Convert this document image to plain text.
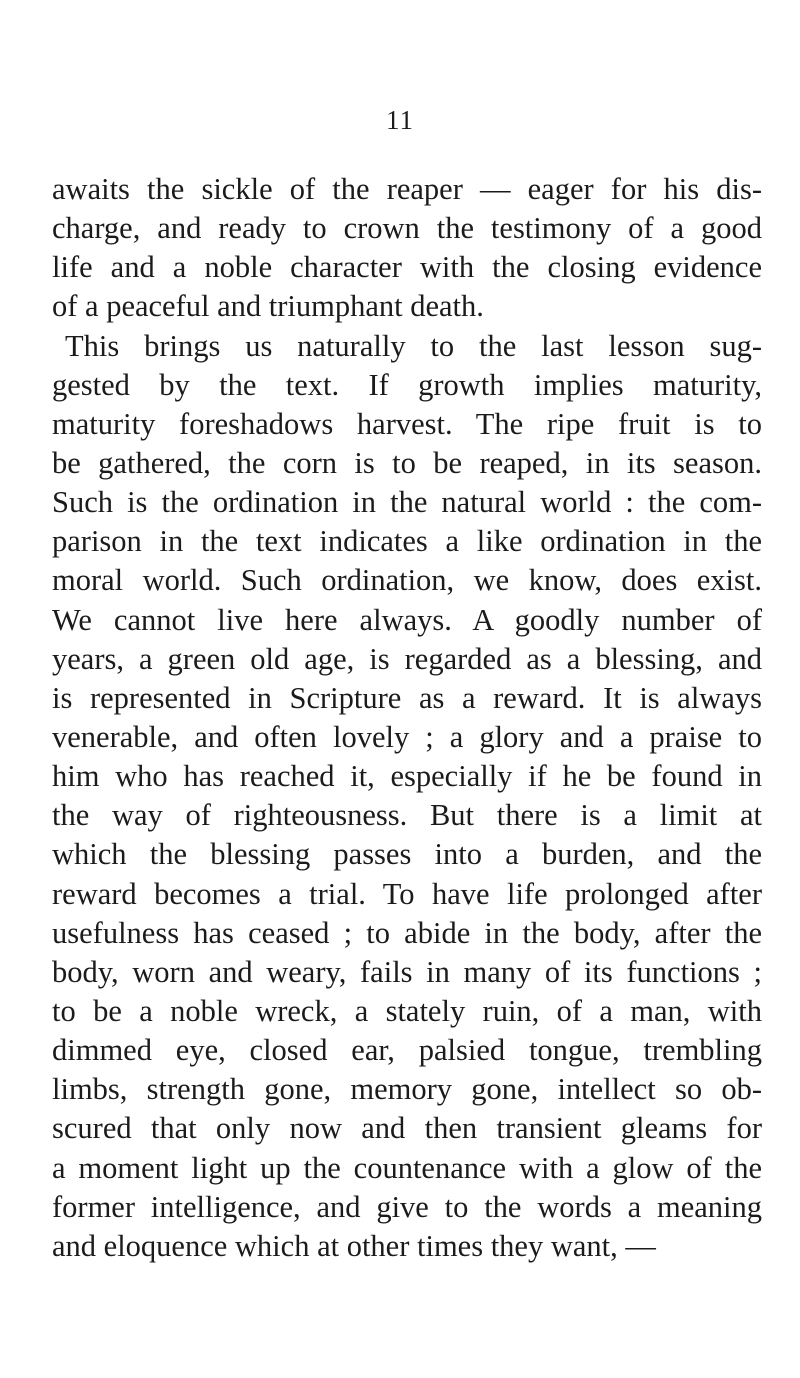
11
awaits the sickle of the reaper — eager for his dis-
charge, and ready to crown the testimony of a good
life and a noble character with the closing evidence
of a peaceful and triumphant death.
This brings us naturally to the last lesson sug-
gested by the text. If growth implies maturity,
maturity foreshadows harvest. The ripe fruit is to
be gathered, the corn is to be reaped, in its season.
Such is the ordination in the natural world : the com-
parison in the text indicates a like ordination in the
moral world. Such ordination, we know, does exist.
We cannot live here always. A goodly number of
years, a green old age, is regarded as a blessing, and
is represented in Scripture as a reward. It is always
venerable, and often lovely ; a glory and a praise to
him who has reached it, especially if he be found in
the way of righteousness. But there is a limit at
which the blessing passes into a burden, and the
reward becomes a trial. To have life prolonged after
usefulness has ceased ; to abide in the body, after the
body, worn and weary, fails in many of its functions ;
to be a noble wreck, a stately ruin, of a man, with
dimmed eye, closed ear, palsied tongue, trembling
limbs, strength gone, memory gone, intellect so ob-
scured that only now and then transient gleams for
a moment light up the countenance with a glow of the
former intelligence, and give to the words a meaning
and eloquence which at other times they want, —
